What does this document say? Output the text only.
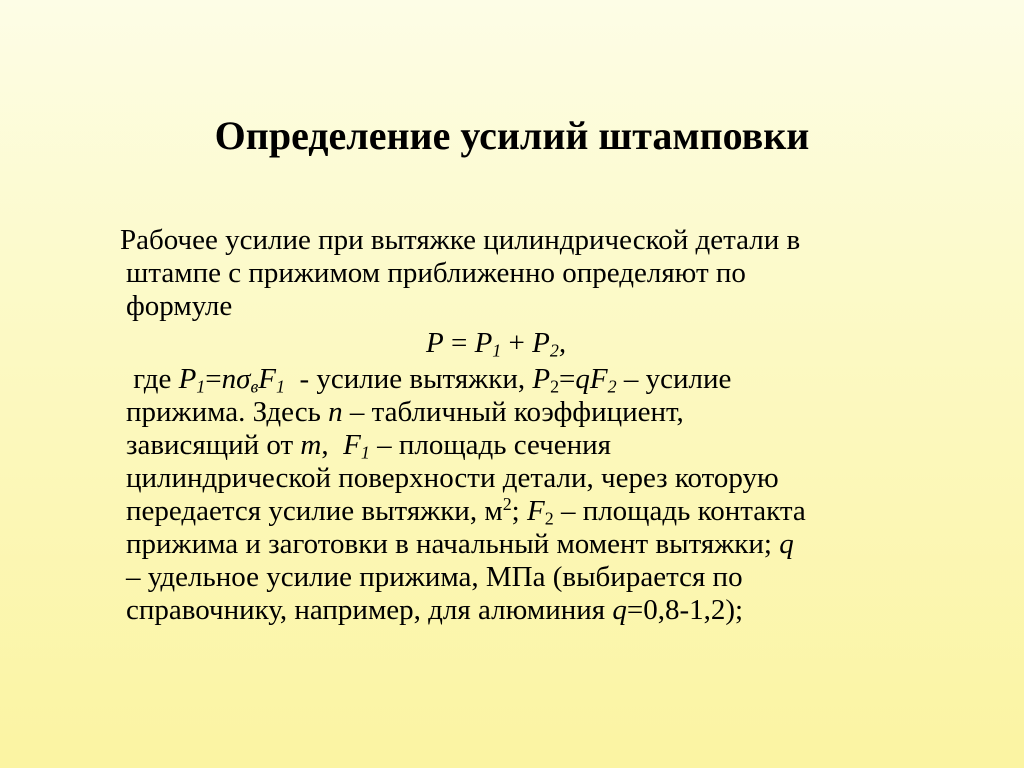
Определение усилий штамповки
Рабочее усилие при вытяжке цилиндрической детали в
штампе с прижимом приближенно определяют по
формуле
$P = P_1 + P_2$,
где $P_1=n\sigma_вF_1$ - усилие вытяжки, $P_2=qF_2$ – усилие
прижима. Здесь n – табличный коэффициент,
зависящий от m, $F_1$ – площадь сечения
цилиндрической поверхности детали, через которую
передается усилие вытяжки, $м^2$; $F_2$ – площадь контакта
прижима и заготовки в начальный момент вытяжки; q
– удельное усилие прижима, МПа (выбирается по
справочнику, например, для алюминия q=0,8-1,2);
